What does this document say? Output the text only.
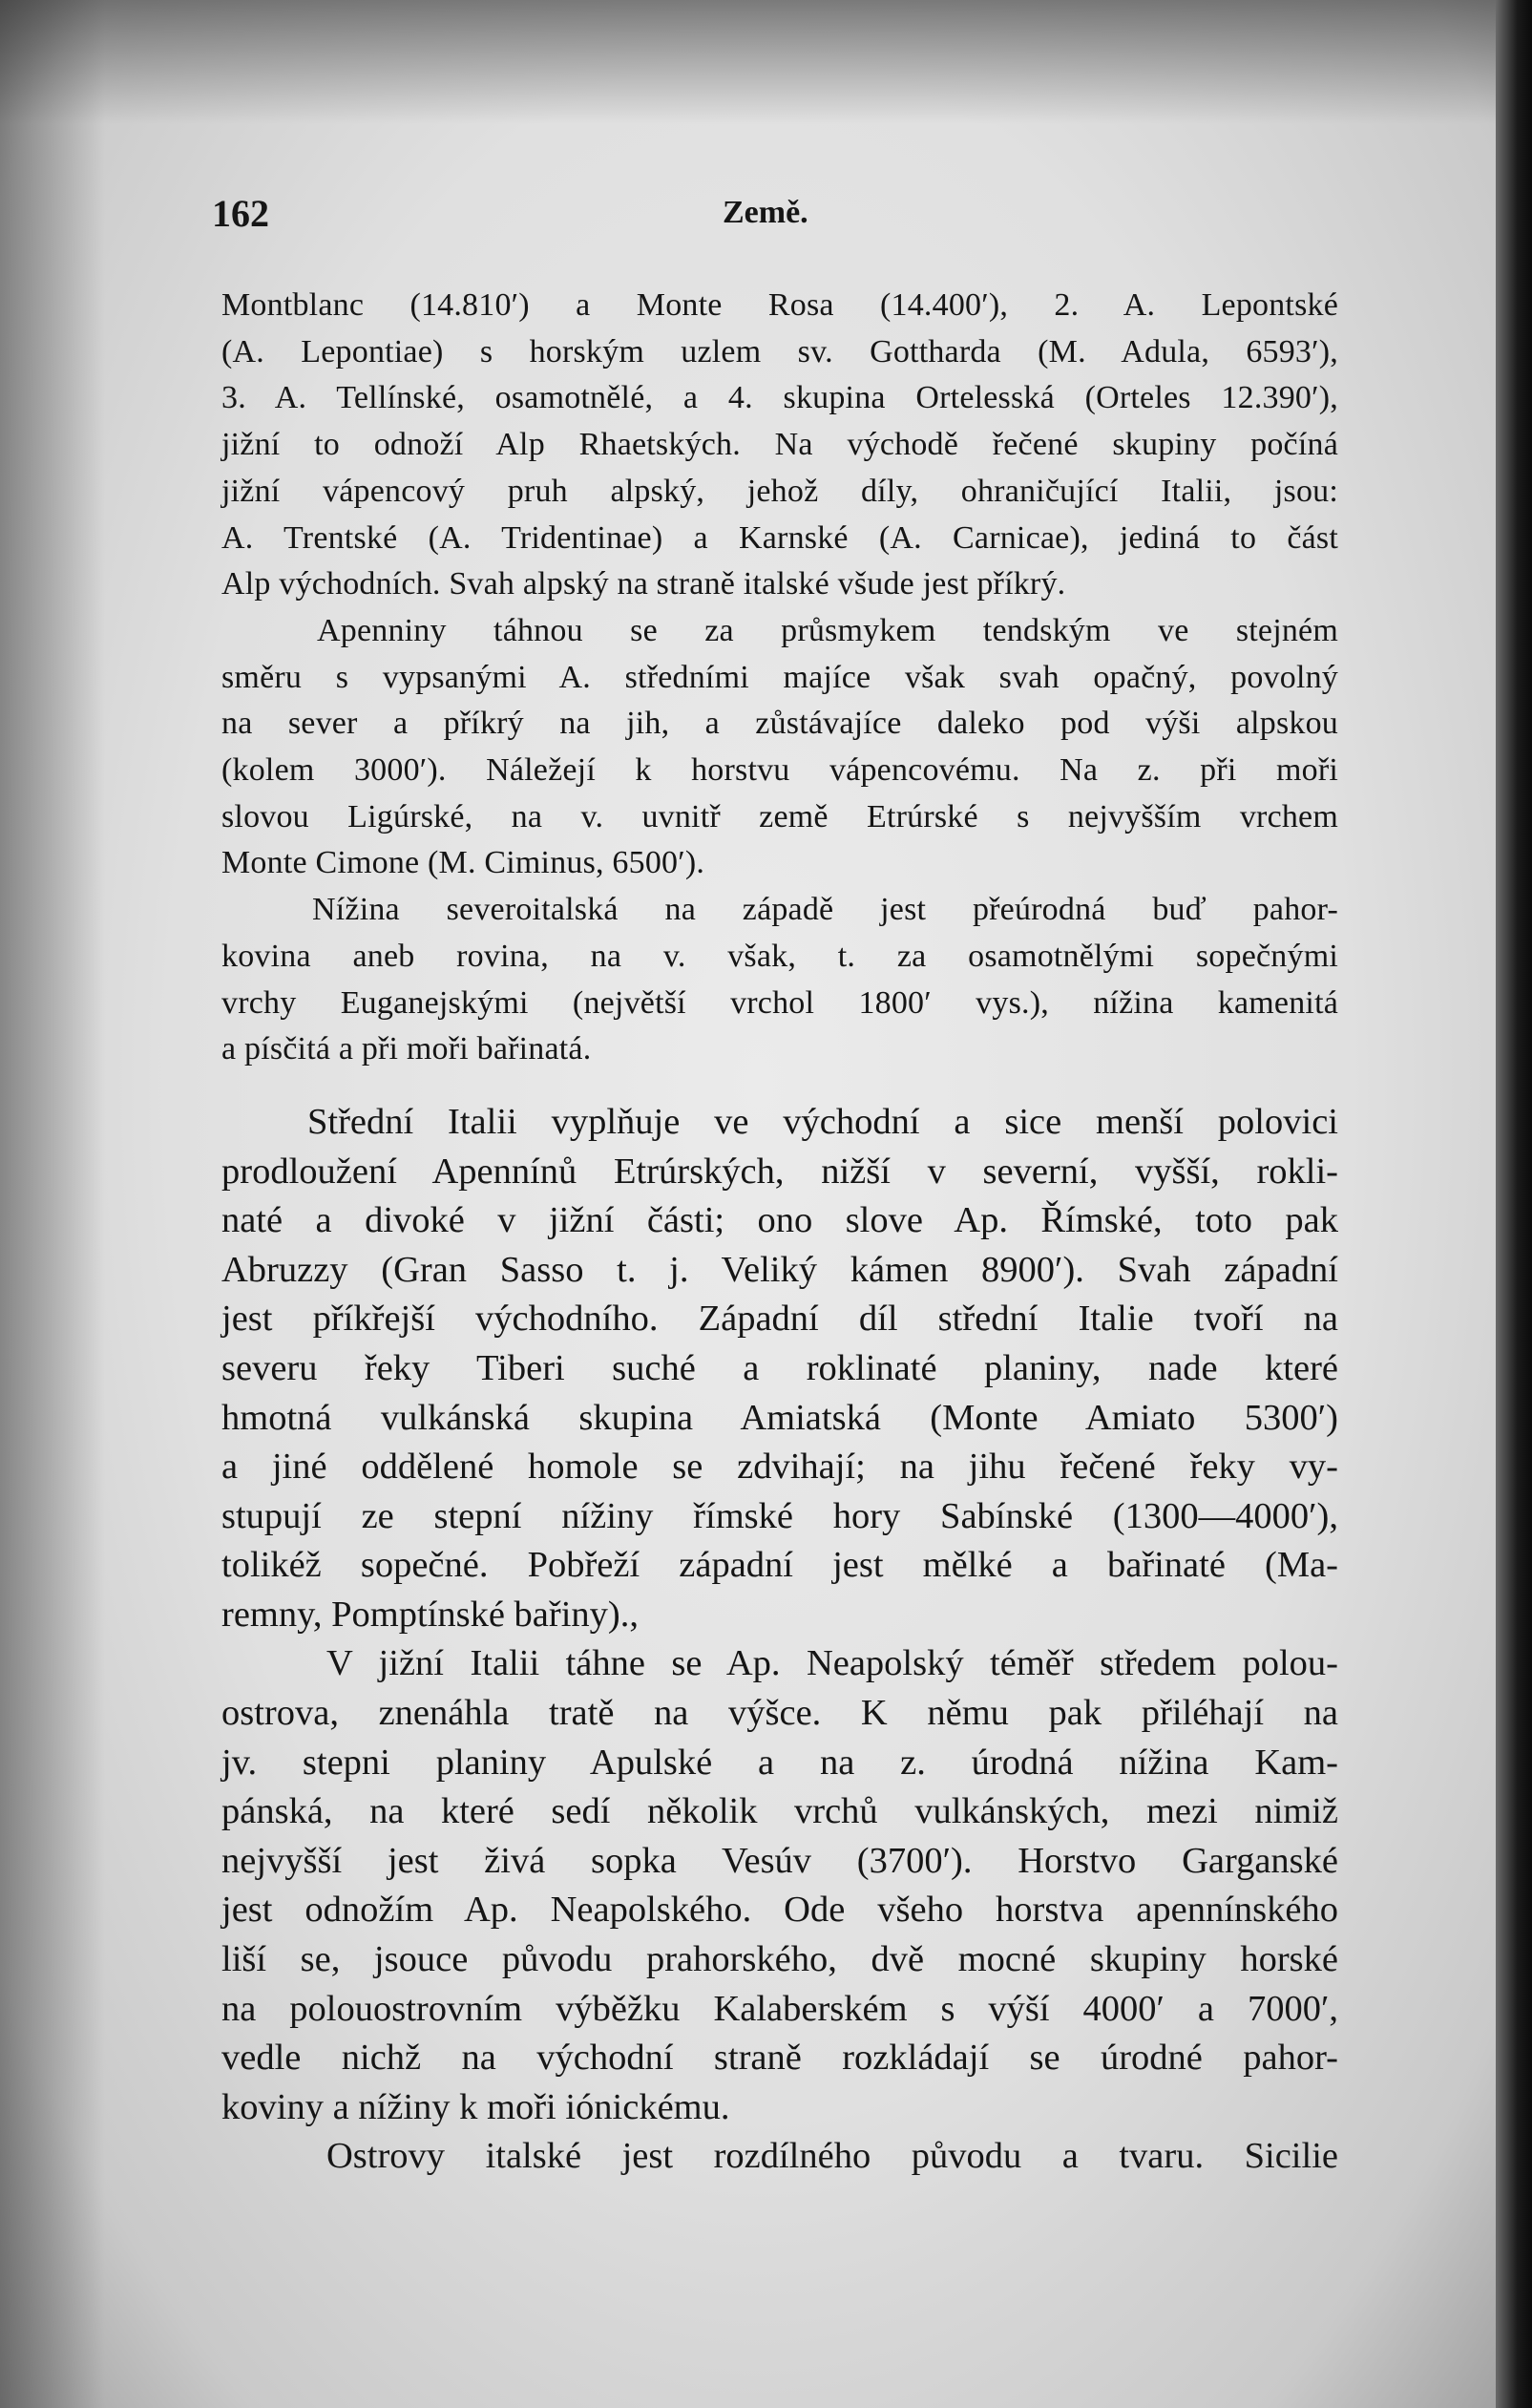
162	Země.
Montblanc (14.810′) a Monte Rosa (14.400′), 2. A. Lepontské
(A. Lepontiae) s horským uzlem sv. Gottharda (M. Adula, 6593′),
3. A. Tellínské, osamotnělé, a 4. skupina Ortelesská (Orteles 12.390′),
jižní to odnoží Alp Rhaetských. Na východě řečené skupiny počíná
jižní vápencový pruh alpský, jehož díly, ohraničující Italii, jsou:
A. Trentské (A. Tridentinae) a Karnské (A. Carnicae), jediná to část
Alp východních. Svah alpský na straně italské všude jest příkrý.
Apenniny táhnou se za průsmykem tendským ve stejném
směru s vypsanými A. středními majíce však svah opačný, povolný
na sever a příkrý na jih, a zůstávajíce daleko pod výši alpskou
(kolem 3000′). Náležejí k horstvu vápencovému. Na z. při moři
slovou Ligúrské, na v. uvnitř země Etrúrské s nejvyšším vrchem
Monte Cimone (M. Ciminus, 6500′).
Nížina severoitalská na západě jest přeúrodná buď pahor-
kovina aneb rovina, na v. však, t. za osamotnělými sopečnými
vrchy Euganejskými (největší vrchol 1800′ vys.), nížina kamenitá
a písčitá a při moři bařinatá.
Střední Italii vyplňuje ve východní a sice menší polovici
prodloužení Apennínů Etrúrských, nižší v severní, vyšší, rokli-
naté a divoké v jižní části; ono slove Ap. Římské, toto pak
Abruzzy (Gran Sasso t. j. Veliký kámen 8900′). Svah západní
jest příkřejší východního. Západní díl střední Italie tvoří na
severu řeky Tiberi suché a roklinaté planiny, nade které
hmotná vulkánská skupina Amiatská (Monte Amiato 5300′)
a jiné oddělené homole se zdvihají; na jihu řečené řeky vy-
stupují ze stepní nížiny římské hory Sabínské (1300—4000′),
tolikéž sopečné. Pobřeží západní jest mělké a bařinaté (Ma-
remny, Pomptínské bařiny).,
V jižní Italii táhne se Ap. Neapolský téměř středem polou-
ostrova, znenáhla tratě na výšce. K němu pak přiléhají na
jv. stepni planiny Apulské a na z. úrodná nížina Kam-
pánská, na které sedí několik vrchů vulkánských, mezi nimiž
nejvyšší jest živá sopka Vesúv (3700′). Horstvo Garganské
jest odnožím Ap. Neapolského. Ode všeho horstva apennínského
liší se, jsouce původu prahorského, dvě mocné skupiny horské
na polouostrovním výběžku Kalaberském s výší 4000′ a 7000′,
vedle nichž na východní straně rozkládají se úrodné pahor-
koviny a nížiny k moři iónickému.
Ostrovy italské jest rozdílného původu a tvaru. Sicilie
